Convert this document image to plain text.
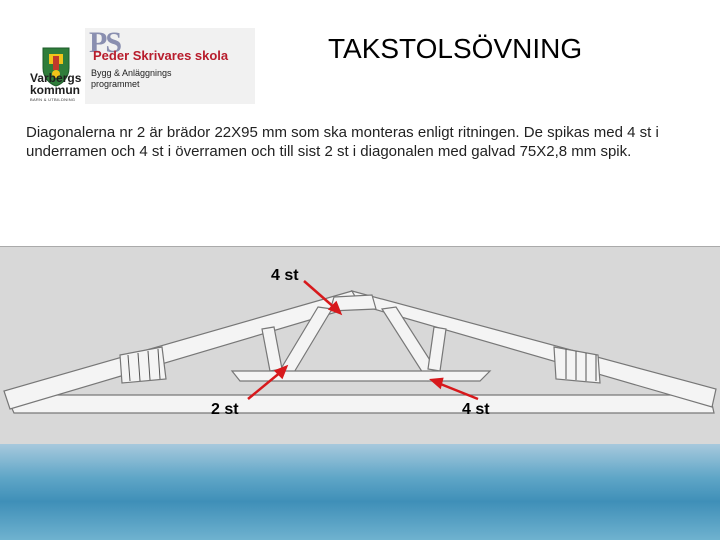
Varbergs
kommun
BARN & UTBILDNING
PS
Peder Skrivares skola
Bygg & Anläggnings programmet
TAKSTOLSÖVNING
Diagonalerna nr 2 är brädor 22X95 mm som ska monteras enligt ritningen. De spikas med 4 st i underramen och 4 st i överramen och till sist 2 st i diagonalen med galvad 75X2,8 mm spik.
4 st
2 st	4 st
